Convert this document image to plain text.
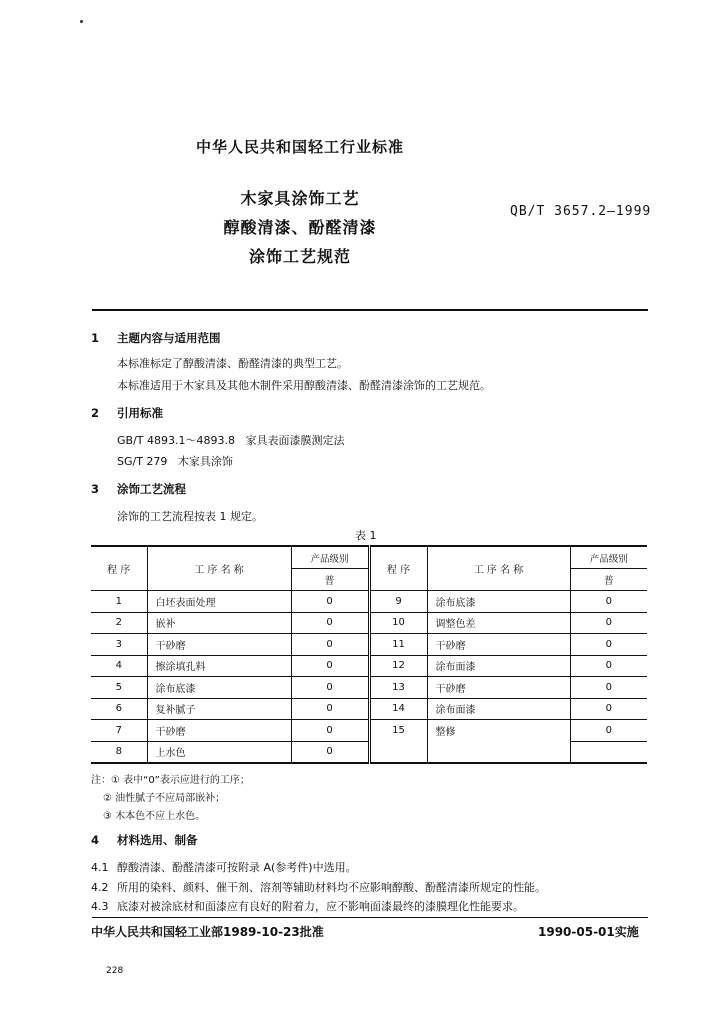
中华人民共和国轻工行业标准
木家具涂饰工艺
醇酸清漆、酚醛清漆
涂饰工艺规范
QB/T 3657.2—1999
1 主题内容与适用范围
本标准标定了醇酸清漆、酚醛清漆的典型工艺。
本标准适用于木家具及其他木制件采用醇酸清漆、酚醛清漆涂饰的工艺规范。
2 引用标准
GB/T 4893.1～4893.8   家具表面漆膜测定法
SG/T 279   木家具涂饰
3 涂饰工艺流程
涂饰的工艺流程按表 1 规定。
表 1
程 序	工 序 名 称	产品级别	程 序	工 序 名 称	产品级别
		普			普
1	白坯表面处理	0	9	涂布底漆	0
2	嵌补	0	10	调整色差	0
3	干砂磨	0	11	干砂磨	0
4	擦涂填孔料	0	12	涂布面漆	0
5	涂布底漆	0	13	干砂磨	0
6	复补腻子	0	14	涂布面漆	0
7	干砂磨	0	15	整修	0
8	上水色	0			
注：① 表中“0”表示应进行的工序；
② 油性腻子不应局部嵌补；
③ 木本色不应上水色。
4 材料选用、制备
4.1 醇酸清漆、酚醛清漆可按附录 A(参考件)中选用。
4.2 所用的染料、颜料、催干剂、溶剂等辅助材料均不应影响醇酸、酚醛清漆所规定的性能。
4.3 底漆对被涂底材和面漆应有良好的附着力，应不影响面漆最终的漆膜理化性能要求。
中华人民共和国轻工业部1989-10-23批准	1990-05-01实施
228
